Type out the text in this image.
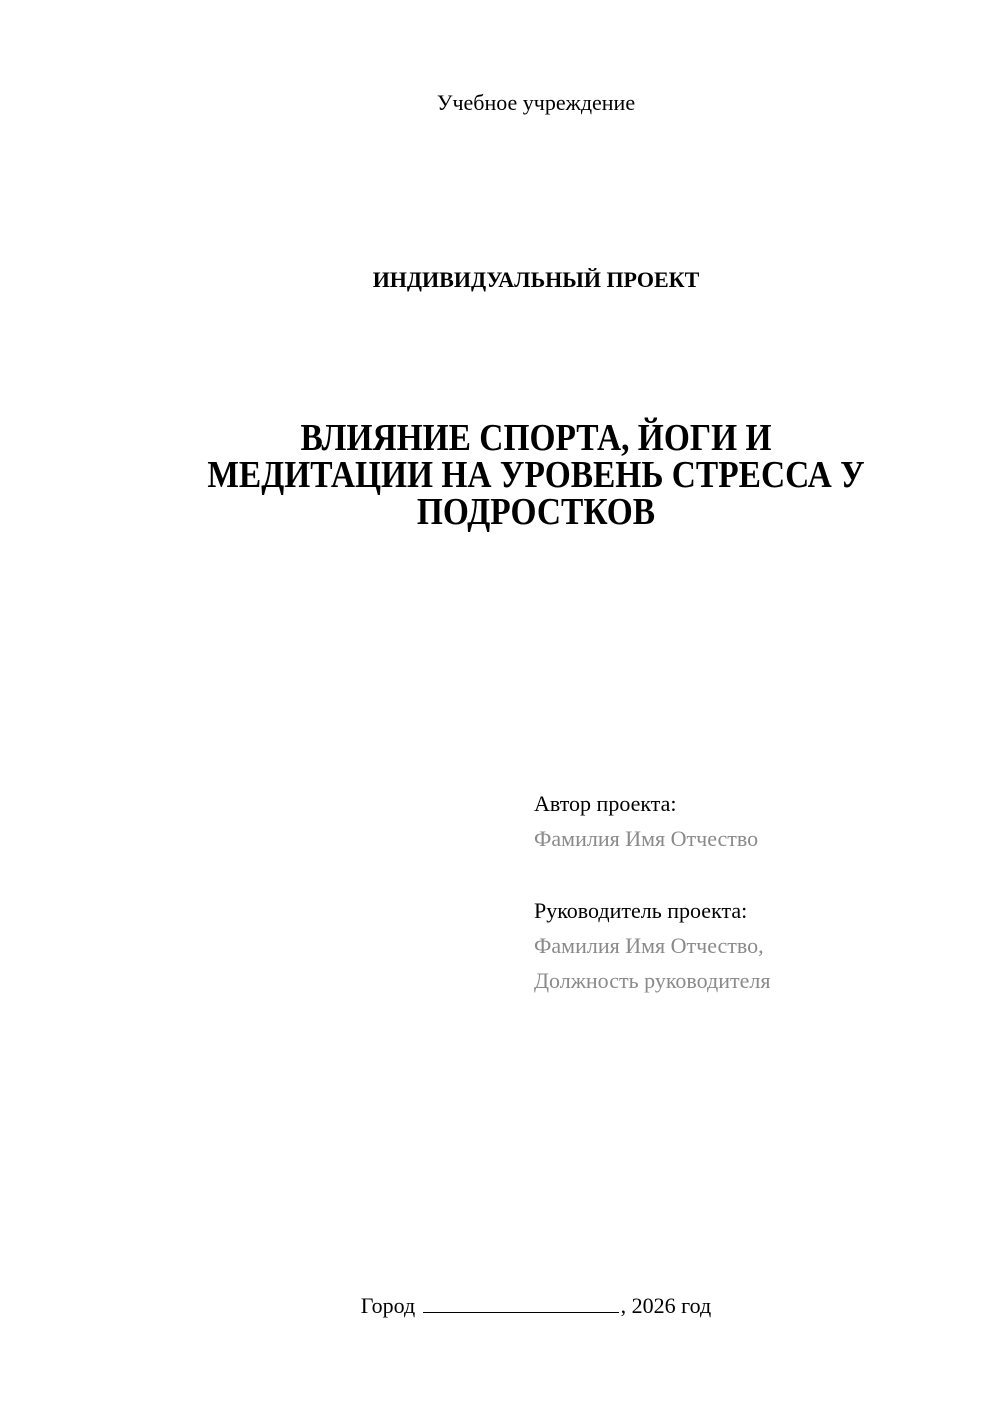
Учебное учреждение
ИНДИВИДУАЛЬНЫЙ ПРОЕКТ
ВЛИЯНИЕ СПОРТА, ЙОГИ И
МЕДИТАЦИИ НА УРОВЕНЬ СТРЕССА У
ПОДРОСТКОВ
Автор проекта:
Фамилия Имя Отчество
Руководитель проекта:
Фамилия Имя Отчество,
Должность руководителя
Город	, 2026 год
